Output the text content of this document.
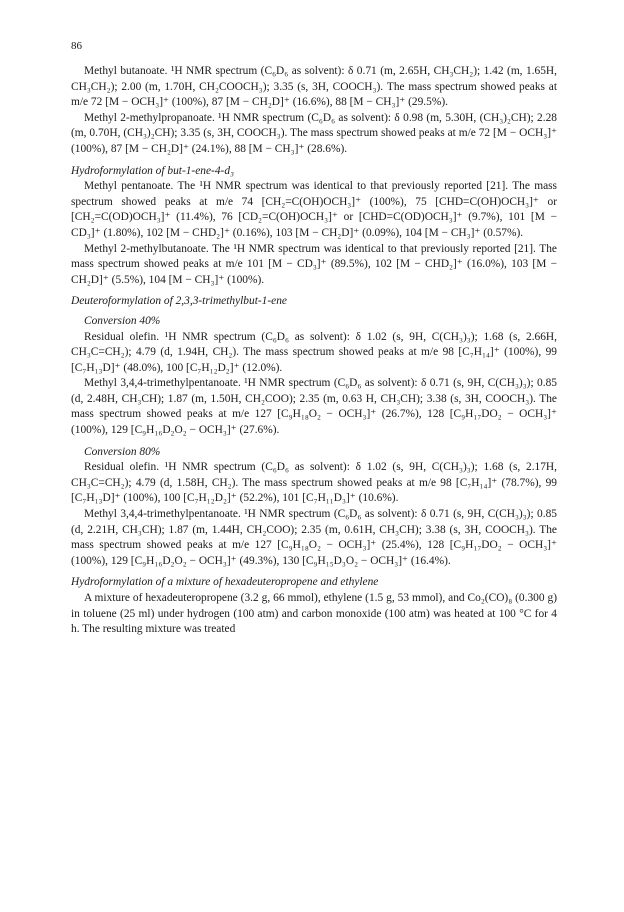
86

Methyl butanoate. ¹H NMR spectrum (C₆D₆ as solvent): δ 0.71 (m, 2.65H, CH₃CH₂); 1.42 (m, 1.65H, CH₃CH₂); 2.00 (m, 1.70H, CH₂COOCH₃); 3.35 (s, 3H, COOCH₃). The mass spectrum showed peaks at m/e 72 [M − OCH₃]⁺ (100%), 87 [M − CH₂D]⁺ (16.6%), 88 [M − CH₃]⁺ (29.5%).

Methyl 2-methylpropanoate. ¹H NMR spectrum (C₆D₆ as solvent): δ 0.98 (m, 5.30H, (CH₃)₂CH); 2.28 (m, 0.70H, (CH₃)₂CH); 3.35 (s, 3H, COOCH₃). The mass spectrum showed peaks at m/e 72 [M − OCH₃]⁺ (100%), 87 [M − CH₂D]⁺ (24.1%), 88 [M − CH₃]⁺ (28.6%).

Hydroformylation of but-1-ene-4-d₃

Methyl pentanoate. The ¹H NMR spectrum was identical to that previously reported [21]. The mass spectrum showed peaks at m/e 74 [CH₂=C(OH)OCH₃]⁺ (100%), 75 [CHD=C(OH)OCH₃]⁺ or [CH₂=C(OD)OCH₃]⁺ (11.4%), 76 [CD₂=C(OH)OCH₃]⁺ or [CHD=C(OD)OCH₃]⁺ (9.7%), 101 [M − CD₃]⁺ (1.80%), 102 [M − CHD₂]⁺ (0.16%), 103 [M − CH₂D]⁺ (0.09%), 104 [M − CH₃]⁺ (0.57%).

Methyl 2-methylbutanoate. The ¹H NMR spectrum was identical to that previously reported [21]. The mass spectrum showed peaks at m/e 101 [M − CD₃]⁺ (89.5%), 102 [M − CHD₂]⁺ (16.0%), 103 [M − CH₂D]⁺ (5.5%), 104 [M − CH₃]⁺ (100%).

Deuteroformylation of 2,3,3-trimethylbut-1-ene

Conversion 40%

Residual olefin. ¹H NMR spectrum (C₆D₆ as solvent): δ 1.02 (s, 9H, C(CH₃)₃); 1.68 (s, 2.66H, CH₃C=CH₂); 4.79 (d, 1.94H, CH₂). The mass spectrum showed peaks at m/e 98 [C₇H₁₄]⁺ (100%), 99 [C₇H₁₃D]⁺ (48.0%), 100 [C₇H₁₂D₂]⁺ (12.0%).

Methyl 3,4,4-trimethylpentanoate. ¹H NMR spectrum (C₆D₆ as solvent): δ 0.71 (s, 9H, C(CH₃)₃); 0.85 (d, 2.48H, CH₃CH); 1.87 (m, 1.50H, CH₂COO); 2.35 (m, 0.63 H, CH₃CH); 3.38 (s, 3H, COOCH₃). The mass spectrum showed peaks at m/e 127 [C₉H₁₈O₂ − OCH₃]⁺ (26.7%), 128 [C₉H₁₇DO₂ − OCH₃]⁺ (100%), 129 [C₉H₁₆D₂O₂ − OCH₃]⁺ (27.6%).

Conversion 80%

Residual olefin. ¹H NMR spectrum (C₆D₆ as solvent): δ 1.02 (s, 9H, C(CH₃)₃); 1.68 (s, 2.17H, CH₃C=CH₂); 4.79 (d, 1.58H, CH₂). The mass spectrum showed peaks at m/e 98 [C₇H₁₄]⁺ (78.7%), 99 [C₇H₁₃D]⁺ (100%), 100 [C₇H₁₂D₂]⁺ (52.2%), 101 [C₇H₁₁D₃]⁺ (10.6%).

Methyl 3,4,4-trimethylpentanoate. ¹H NMR spectrum (C₆D₆ as solvent): δ 0.71 (s, 9H, C(CH₃)₃); 0.85 (d, 2.21H, CH₃CH); 1.87 (m, 1.44H, CH₂COO); 2.35 (m, 0.61H, CH₃CH); 3.38 (s, 3H, COOCH₃). The mass spectrum showed peaks at m/e 127 [C₉H₁₈O₂ − OCH₃]⁺ (25.4%), 128 [C₉H₁₇DO₂ − OCH₃]⁺ (100%), 129 [C₉H₁₆D₂O₂ − OCH₃]⁺ (49.3%), 130 [C₉H₁₅D₃O₂ − OCH₃]⁺ (16.4%).

Hydroformylation of a mixture of hexadeuteropropene and ethylene

A mixture of hexadeuteropropene (3.2 g, 66 mmol), ethylene (1.5 g, 53 mmol), and Co₂(CO)₈ (0.300 g) in toluene (25 ml) under hydrogen (100 atm) and carbon monoxide (100 atm) was heated at 100 °C for 4 h. The resulting mixture was treated
